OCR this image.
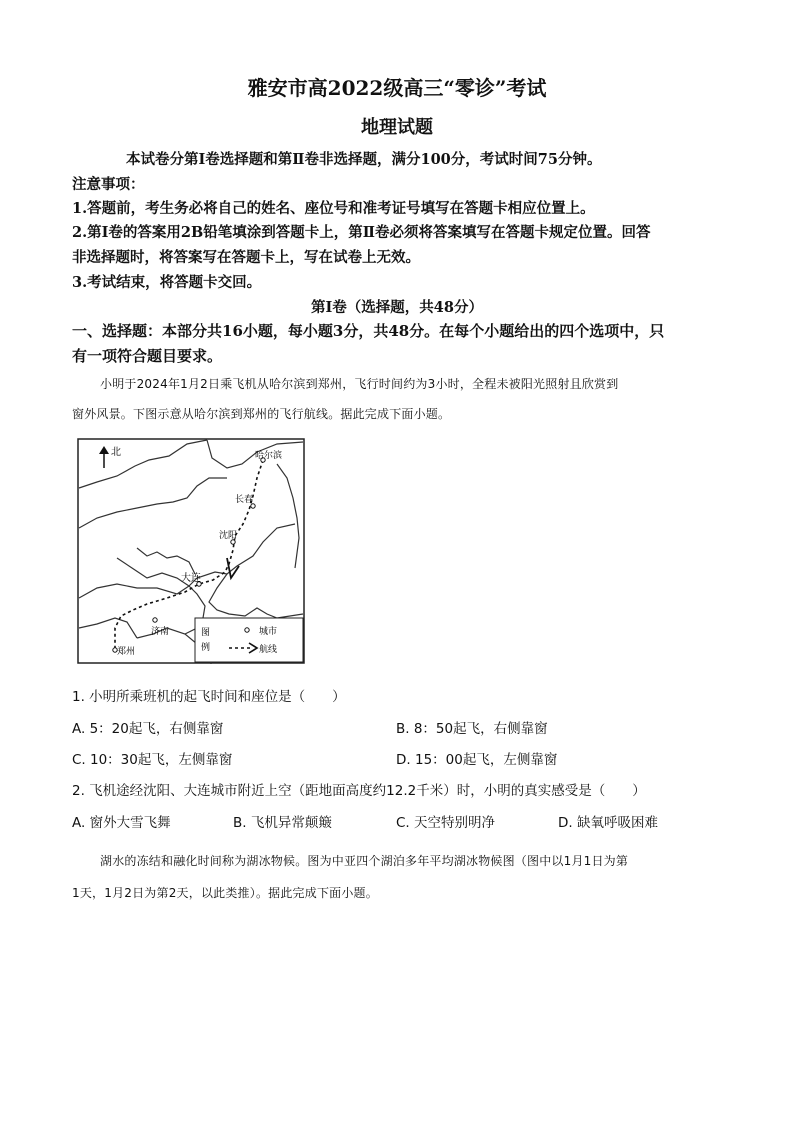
雅安市高2022级高三“零诊”考试
地理试题
本试卷分第Ⅰ卷选择题和第Ⅱ卷非选择题，满分100分，考试时间75分钟。
注意事项：
1.答题前，考生务必将自己的姓名、座位号和准考证号填写在答题卡相应位置上。
2.第Ⅰ卷的答案用2B铅笔填涂到答题卡上，第Ⅱ卷必须将答案填写在答题卡规定位置。回答
非选择题时，将答案写在答题卡上，写在试卷上无效。
3.考试结束，将答题卡交回。
第Ⅰ卷（选择题，共48分）
一、选择题：本部分共16小题，每小题3分，共48分。在每个小题给出的四个选项中，只
有一项符合题目要求。
小明于2024年1月2日乘飞机从哈尔滨到郑州，飞行时间约为3小时，全程未被阳光照射且欣赏到
窗外风景。下图示意从哈尔滨到郑州的飞行航线。据此完成下面小题。
北	哈尔滨
长春
沈阳
大连
济南
郑州
图
例
城市
航线
1. 小明所乘班机的起飞时间和座位是（　　）
A. 5：20起飞，右侧靠窗	B. 8：50起飞，右侧靠窗
C. 10：30起飞，左侧靠窗	D. 15：00起飞，左侧靠窗
2. 飞机途经沈阳、大连城市附近上空（距地面高度约12.2千米）时，小明的真实感受是（　　）
A. 窗外大雪飞舞	B. 飞机异常颠簸	C. 天空特别明净	D. 缺氧呼吸困难
湖水的冻结和融化时间称为湖冰物候。图为中亚四个湖泊多年平均湖冰物候图（图中以1月1日为第
1天，1月2日为第2天，以此类推）。据此完成下面小题。
